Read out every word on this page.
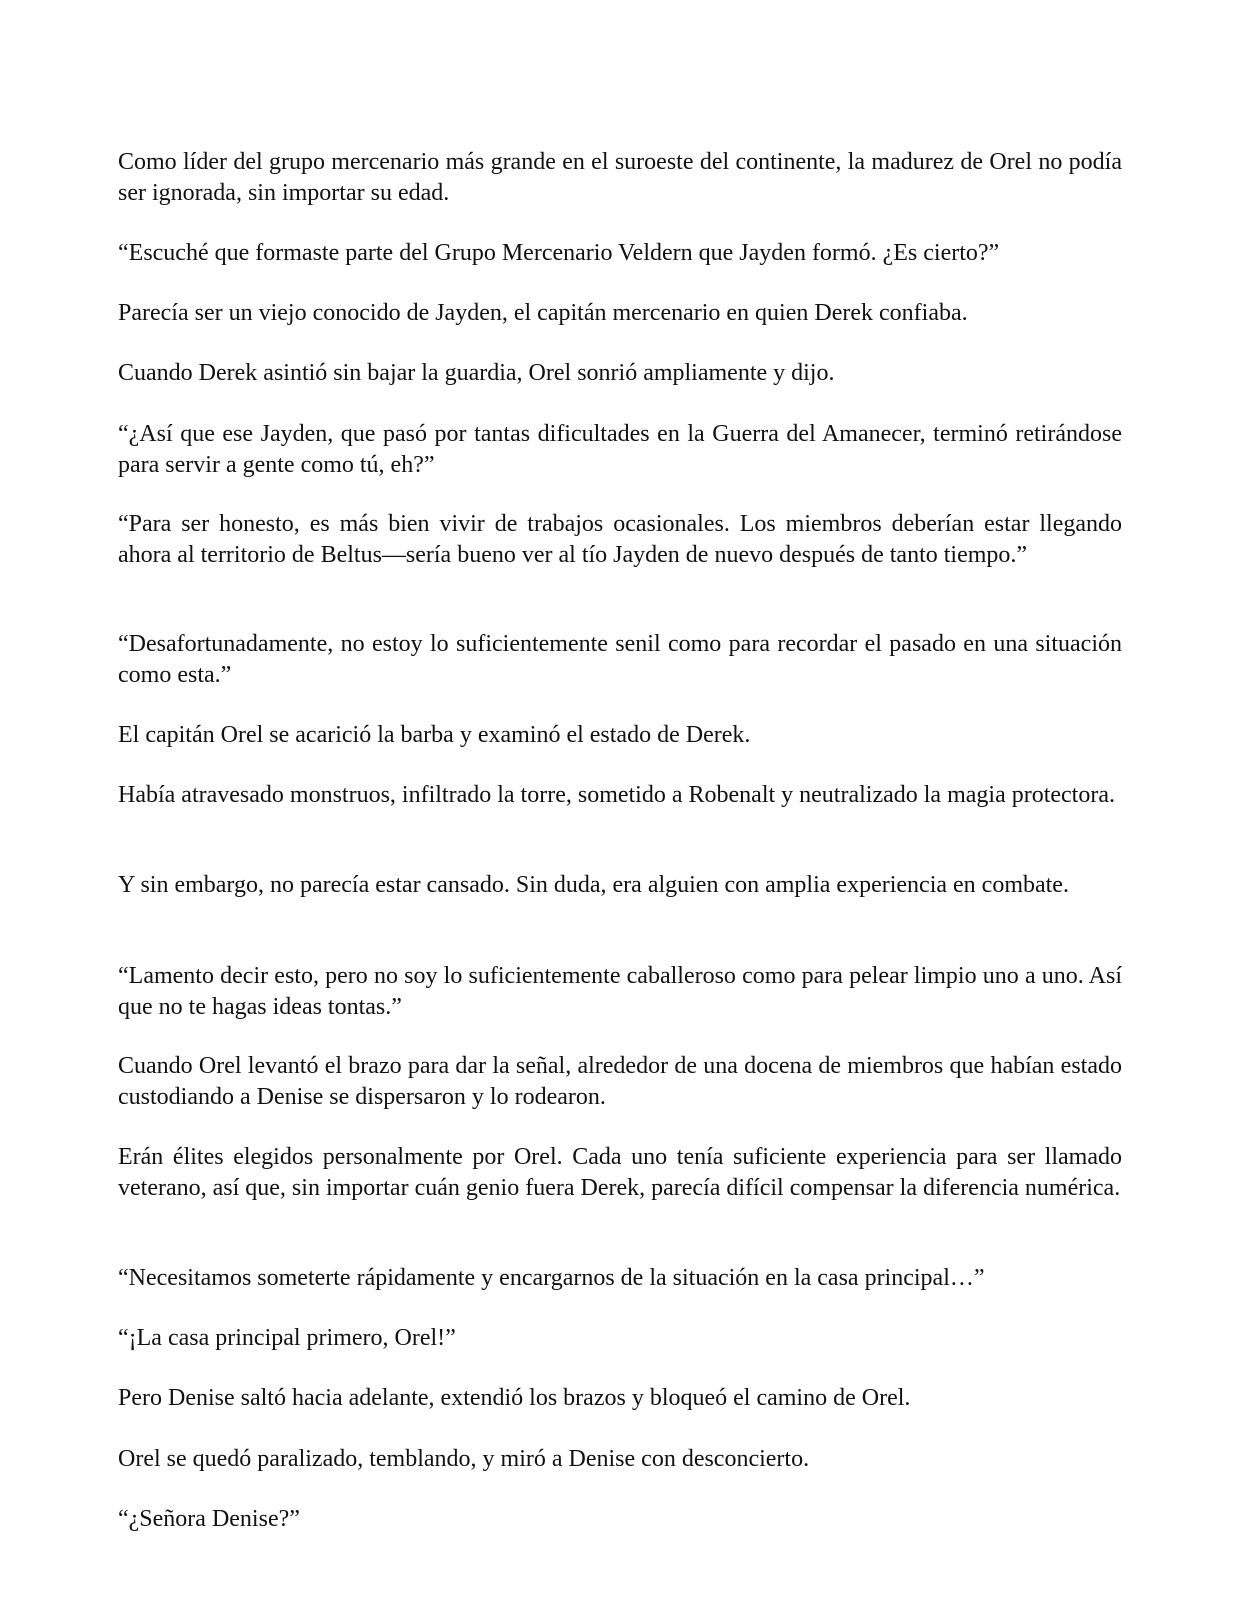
Como líder del grupo mercenario más grande en el suroeste del continente, la madurez de Orel no podía ser ignorada, sin importar su edad.

“Escuché que formaste parte del Grupo Mercenario Veldern que Jayden formó. ¿Es cierto?”

Parecía ser un viejo conocido de Jayden, el capitán mercenario en quien Derek confiaba.

Cuando Derek asintió sin bajar la guardia, Orel sonrió ampliamente y dijo.

“¿Así que ese Jayden, que pasó por tantas dificultades en la Guerra del Amanecer, terminó retirándose para servir a gente como tú, eh?”

“Para ser honesto, es más bien vivir de trabajos ocasionales. Los miembros deberían estar llegando ahora al territorio de Beltus—sería bueno ver al tío Jayden de nuevo después de tanto tiempo.”

“Desafortunadamente, no estoy lo suficientemente senil como para recordar el pasado en una situación como esta.”

El capitán Orel se acarició la barba y examinó el estado de Derek.

Había atravesado monstruos, infiltrado la torre, sometido a Robenalt y neutralizado la magia protectora.

Y sin embargo, no parecía estar cansado. Sin duda, era alguien con amplia experiencia en combate.

“Lamento decir esto, pero no soy lo suficientemente caballeroso como para pelear limpio uno a uno. Así que no te hagas ideas tontas.”

Cuando Orel levantó el brazo para dar la señal, alrededor de una docena de miembros que habían estado custodiando a Denise se dispersaron y lo rodearon.

Erán élites elegidos personalmente por Orel. Cada uno tenía suficiente experiencia para ser llamado veterano, así que, sin importar cuán genio fuera Derek, parecía difícil compensar la diferencia numérica.

“Necesitamos someterte rápidamente y encargarnos de la situación en la casa principal…”

“¡La casa principal primero, Orel!”

Pero Denise saltó hacia adelante, extendió los brazos y bloqueó el camino de Orel.

Orel se quedó paralizado, temblando, y miró a Denise con desconcierto.

“¿Señora Denise?”
